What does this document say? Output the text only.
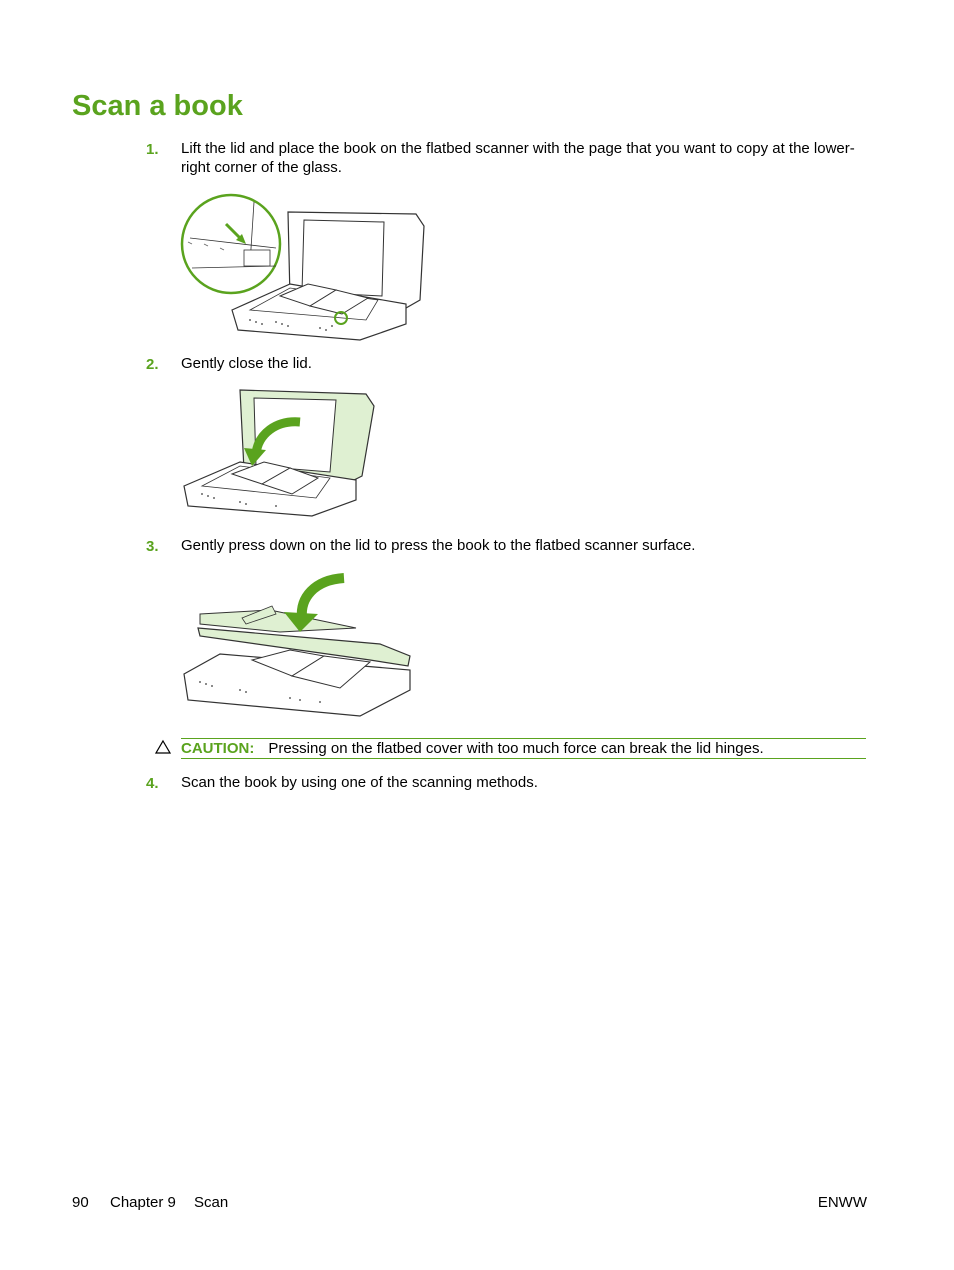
Scan a book
1. Lift the lid and place the book on the flatbed scanner with the page that you want to copy at the lower-right corner of the glass.
2. Gently close the lid.
3. Gently press down on the lid to press the book to the flatbed scanner surface.
CAUTION: Pressing on the flatbed cover with too much force can break the lid hinges.
4. Scan the book by using one of the scanning methods.
90 Chapter 9 Scan	ENWW
